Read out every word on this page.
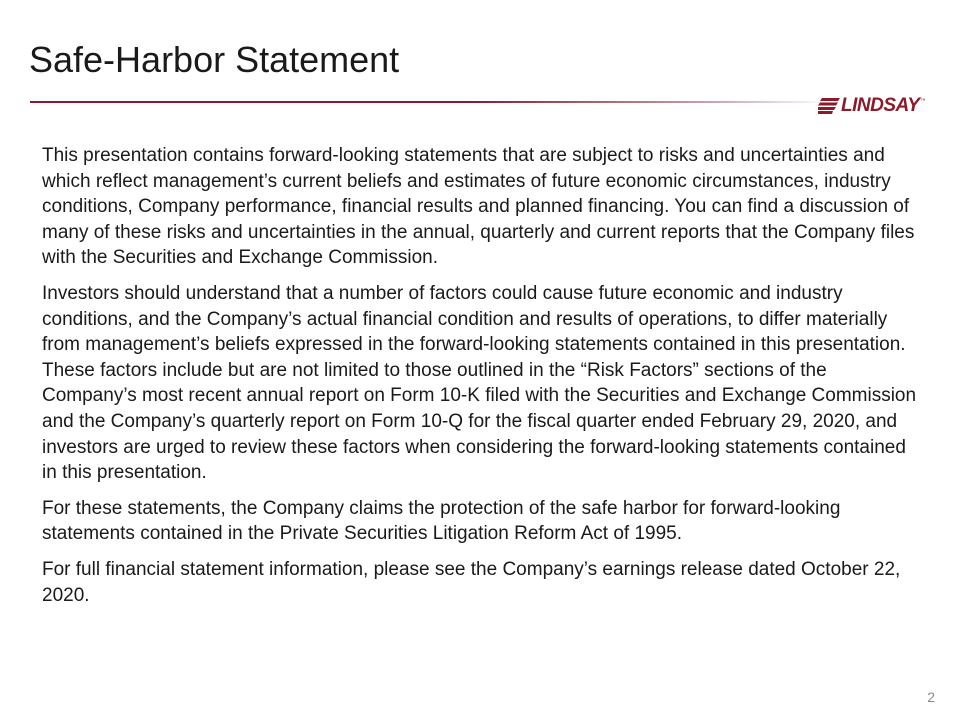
Safe-Harbor Statement
LINDSAY ™

This presentation contains forward-looking statements that are subject to risks and uncertainties and which reflect management’s current beliefs and estimates of future economic circumstances, industry conditions, Company performance, financial results and planned financing. You can find a discussion of many of these risks and uncertainties in the annual, quarterly and current reports that the Company files with the Securities and Exchange Commission.

Investors should understand that a number of factors could cause future economic and industry conditions, and the Company’s actual financial condition and results of operations, to differ materially from management’s beliefs expressed in the forward-looking statements contained in this presentation. These factors include but are not limited to those outlined in the “Risk Factors” sections of the Company’s most recent annual report on Form 10-K filed with the Securities and Exchange Commission and the Company’s quarterly report on Form 10-Q for the fiscal quarter ended February 29, 2020, and investors are urged to review these factors when considering the forward-looking statements contained in this presentation.

For these statements, the Company claims the protection of the safe harbor for forward-looking statements contained in the Private Securities Litigation Reform Act of 1995.

For full financial statement information, please see the Company’s earnings release dated October 22, 2020.

2
